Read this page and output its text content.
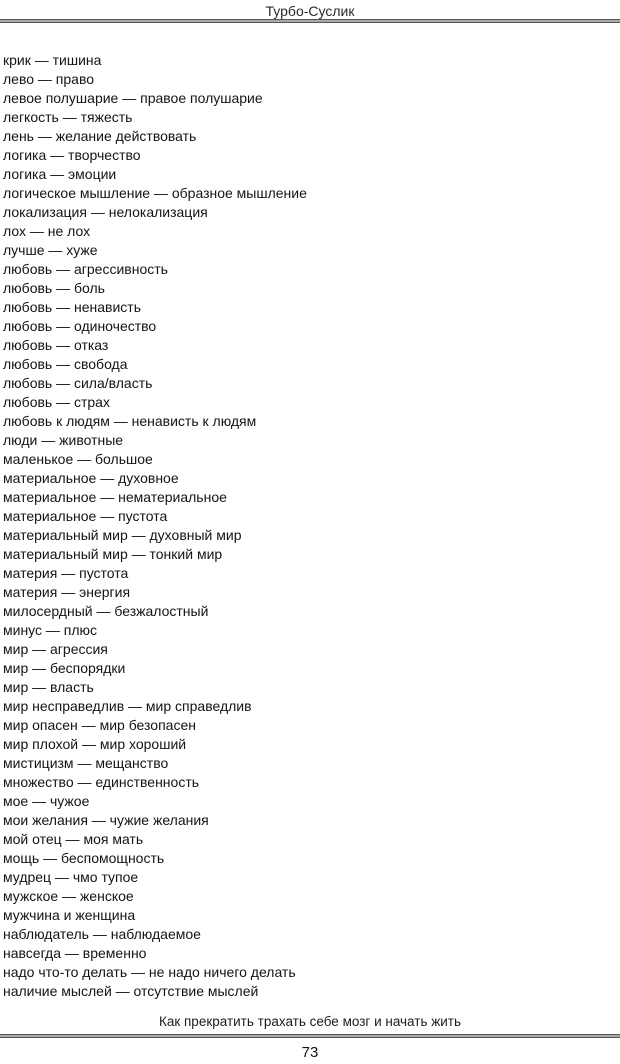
Турбо-Суслик
крик — тишина
лево — право
левое полушарие — правое полушарие
легкость — тяжесть
лень — желание действовать
логика — творчество
логика — эмоции
логическое мышление — образное мышление
локализация — нелокализация
лох — не лох
лучше — хуже
любовь — агрессивность
любовь — боль
любовь — ненависть
любовь — одиночество
любовь — отказ
любовь — свобода
любовь — сила/власть
любовь — страх
любовь к людям — ненависть к людям
люди — животные
маленькое — большое
материальное — духовное
материальное — нематериальное
материальное — пустота
материальный мир — духовный мир
материальный мир — тонкий мир
материя — пустота
материя — энергия
милосердный — безжалостный
минус — плюс
мир — агрессия
мир — беспорядки
мир — власть
мир несправедлив — мир справедлив
мир опасен — мир безопасен
мир плохой — мир хороший
мистицизм — мещанство
множество — единственность
мое — чужое
мои желания — чужие желания
мой отец — моя мать
мощь — беспомощность
мудрец — чмо тупое
мужское — женское
мужчина и женщина
наблюдатель — наблюдаемое
навсегда — временно
надо что-то делать — не надо ничего делать
наличие мыслей — отсутствие мыслей
Как прекратить трахать себе мозг и начать жить
73
